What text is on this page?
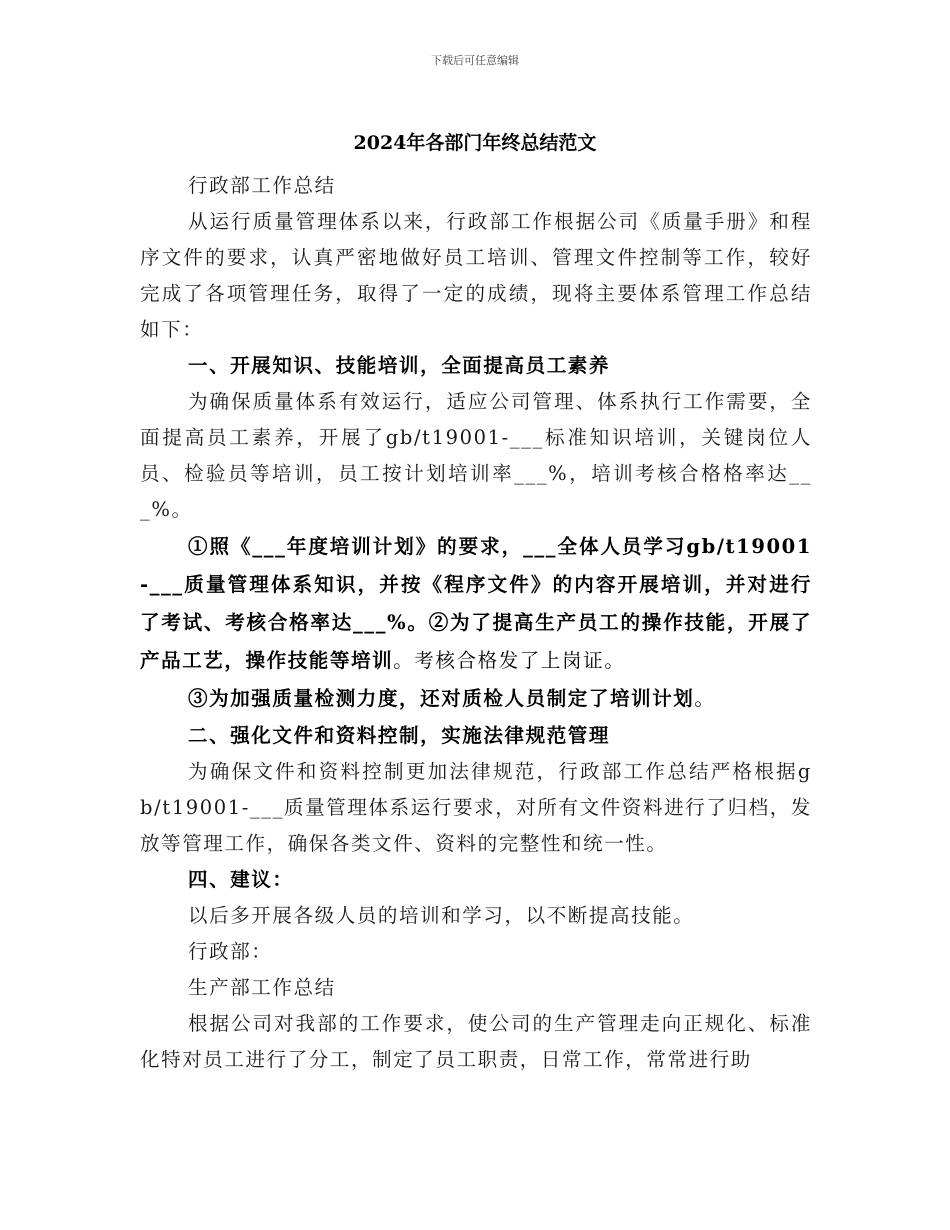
下载后可任意编辑
2024年各部门年终总结范文

行政部工作总结

从运行质量管理体系以来，行政部工作根据公司《质量手册》和程序文件的要求，认真严密地做好员工培训、管理文件控制等工作，较好完成了各项管理任务，取得了一定的成绩，现将主要体系管理工作总结如下：

一、开展知识、技能培训，全面提高员工素养

为确保质量体系有效运行，适应公司管理、体系执行工作需要，全面提高员工素养，开展了gb/t19001-___标准知识培训，关键岗位人员、检验员等培训，员工按计划培训率___%，培训考核合格格率达___%。

①照《___年度培训计划》的要求，___全体人员学习gb/t19001-___质量管理体系知识，并按《程序文件》的内容开展培训，并对进行了考试、考核合格率达___%。②为了提高生产员工的操作技能，开展了产品工艺，操作技能等培训。考核合格发了上岗证。

③为加强质量检测力度，还对质检人员制定了培训计划。

二、强化文件和资料控制，实施法律规范管理

为确保文件和资料控制更加法律规范，行政部工作总结严格根据gb/t19001-___质量管理体系运行要求，对所有文件资料进行了归档，发放等管理工作，确保各类文件、资料的完整性和统一性。

四、建议：

以后多开展各级人员的培训和学习，以不断提高技能。

行政部：

生产部工作总结

根据公司对我部的工作要求，使公司的生产管理走向正规化、标准化特对员工进行了分工，制定了员工职责，日常工作，常常进行助
